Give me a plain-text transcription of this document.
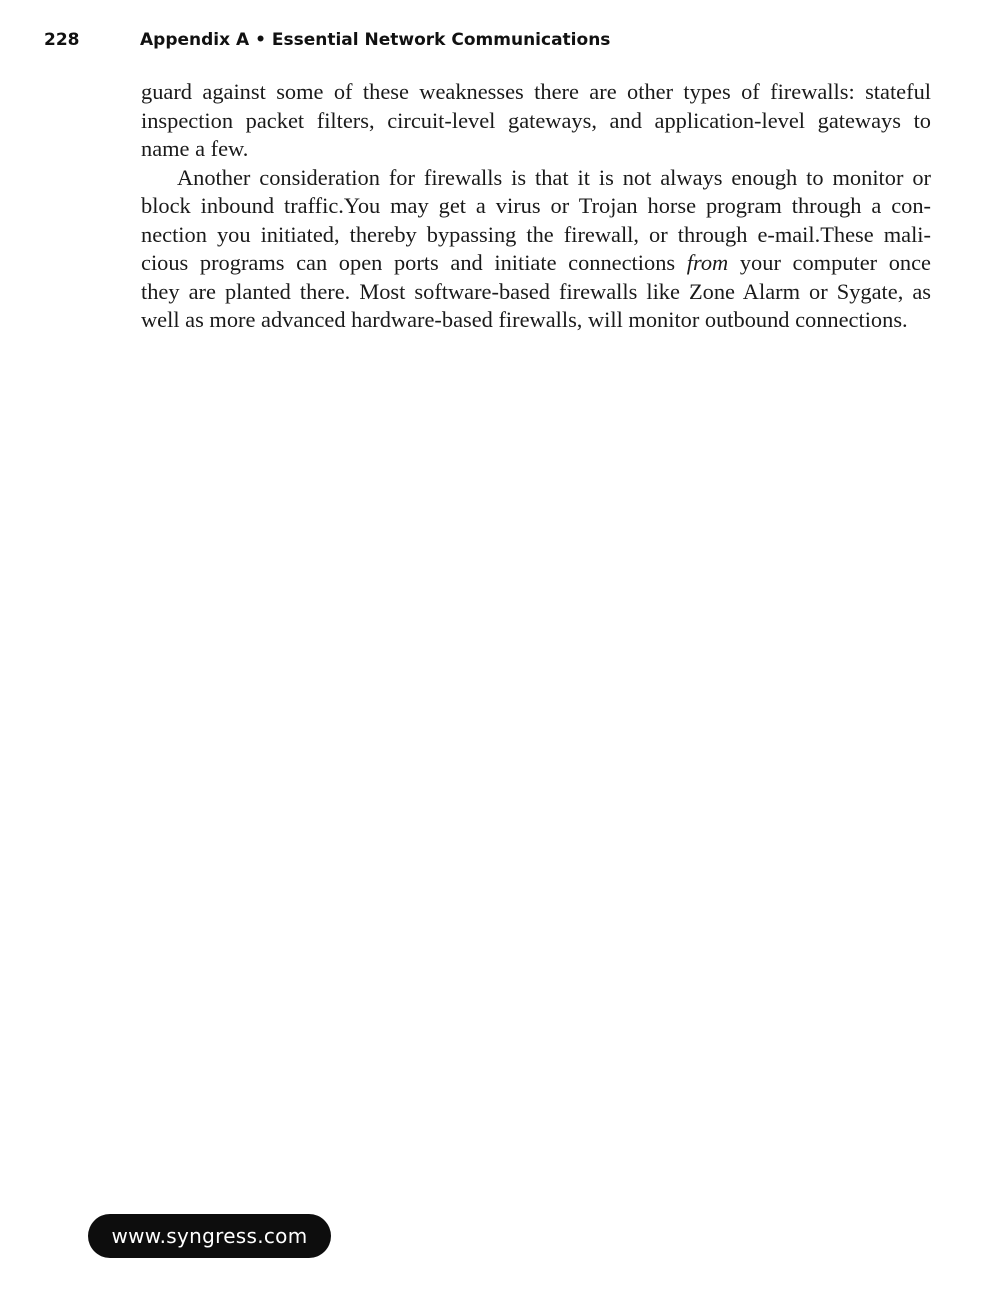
228	Appendix A • Essential Network Communications
guard against some of these weaknesses there are other types of firewalls: stateful
inspection packet filters, circuit-level gateways, and application-level gateways to
name a few.
Another consideration for firewalls is that it is not always enough to monitor or
block inbound traffic.You may get a virus or Trojan horse program through a con-
nection you initiated, thereby bypassing the firewall, or through e-mail.These mali-
cious programs can open ports and initiate connections from your computer once
they are planted there. Most software-based firewalls like Zone Alarm or Sygate, as
well as more advanced hardware-based firewalls, will monitor outbound connections.
www.syngress.com
